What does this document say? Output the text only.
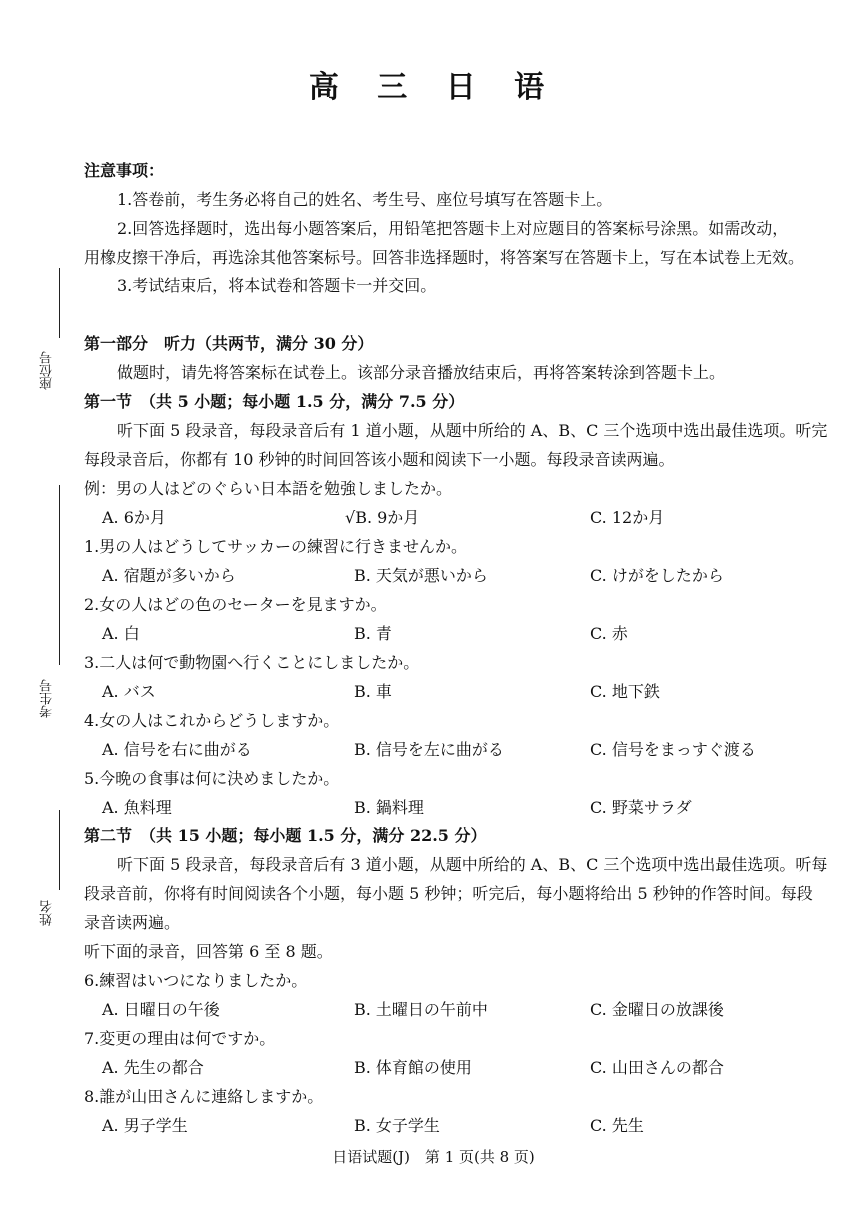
高 三 日 语
座位号
考生号
姓名
注意事项：
1.答卷前，考生务必将自己的姓名、考生号、座位号填写在答题卡上。
2.回答选择题时，选出每小题答案后，用铅笔把答题卡上对应题目的答案标号涂黑。如需改动，
用橡皮擦干净后，再选涂其他答案标号。回答非选择题时，将答案写在答题卡上，写在本试卷上无效。
3.考试结束后，将本试卷和答题卡一并交回。
第一部分　听力（共两节，满分 30 分）
做题时，请先将答案标在试卷上。该部分录音播放结束后，再将答案转涂到答题卡上。
第一节　（共 5 小题；每小题 1.5 分，满分 7.5 分）
听下面 5 段录音，每段录音后有 1 道小题，从题中所给的 A、B、C 三个选项中选出最佳选项。听完
每段录音后，你都有 10 秒钟的时间回答该小题和阅读下一小题。每段录音读两遍。
例：男の人はどのぐらい日本語を勉強しましたか。
A. 6か月	√B. 9か月	C. 12か月
1.男の人はどうしてサッカーの練習に行きませんか。
A. 宿題が多いから	B. 天気が悪いから	C. けがをしたから
2.女の人はどの色のセーターを見ますか。
A. 白	B. 青	C. 赤
3.二人は何で動物園へ行くことにしましたか。
A. バス	B. 車	C. 地下鉄
4.女の人はこれからどうしますか。
A. 信号を右に曲がる	B. 信号を左に曲がる	C. 信号をまっすぐ渡る
5.今晩の食事は何に決めましたか。
A. 魚料理	B. 鍋料理	C. 野菜サラダ
第二节　（共 15 小题；每小题 1.5 分，满分 22.5 分）
听下面 5 段录音，每段录音后有 3 道小题，从题中所给的 A、B、C 三个选项中选出最佳选项。听每
段录音前，你将有时间阅读各个小题，每小题 5 秒钟；听完后，每小题将给出 5 秒钟的作答时间。每段
录音读两遍。
听下面的录音，回答第 6 至 8 题。
6.練習はいつになりましたか。
A. 日曜日の午後	B. 土曜日の午前中	C. 金曜日の放課後
7.変更の理由は何ですか。
A. 先生の都合	B. 体育館の使用	C. 山田さんの都合
8.誰が山田さんに連絡しますか。
A. 男子学生	B. 女子学生	C. 先生
日语试题(J)　第 1 页(共 8 页)
